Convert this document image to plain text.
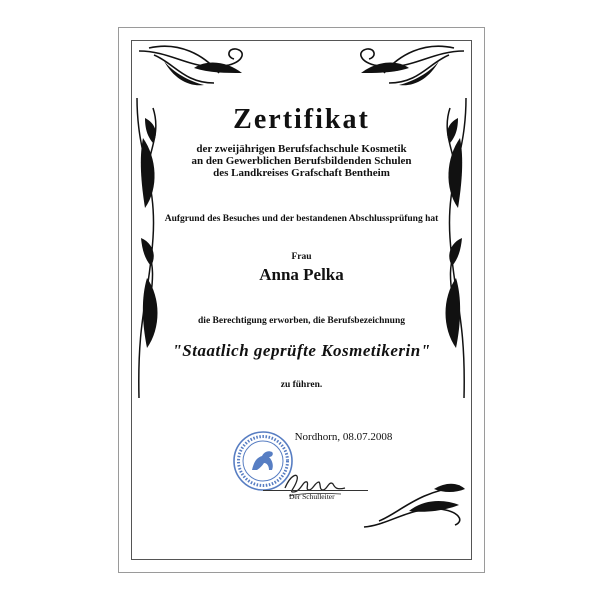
Zertifikat
der zweijährigen Berufsfachschule Kosmetik
an den Gewerblichen Berufsbildenden Schulen
des Landkreises Grafschaft Bentheim
Aufgrund des Besuches und der bestandenen Abschlussprüfung hat
Frau
Anna Pelka
die Berechtigung erworben, die Berufsbezeichnung
"Staatlich geprüfte Kosmetikerin"
zu führen.
Nordhorn, 08.07.2008
Der Schulleiter
